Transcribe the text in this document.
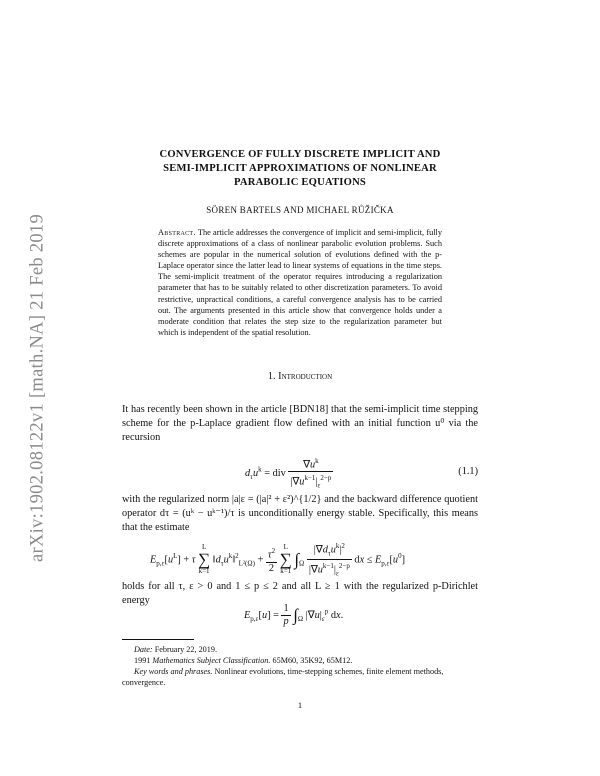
arXiv:1902.08122v1 [math.NA] 21 Feb 2019
CONVERGENCE OF FULLY DISCRETE IMPLICIT AND
SEMI-IMPLICIT APPROXIMATIONS OF NONLINEAR
PARABOLIC EQUATIONS
SÖREN BARTELS AND MICHAEL RŮŽIČKA
Abstract. The article addresses the convergence of implicit and semi-implicit, fully discrete approximations of a class of nonlinear parabolic evolution problems. Such schemes are popular in the numerical solution of evolutions defined with the p-Laplace operator since the latter lead to linear systems of equations in the time steps. The semi-implicit treatment of the operator requires introducing a regularization parameter that has to be suitably related to other discretization parameters. To avoid restrictive, unpractical conditions, a careful convergence analysis has to be carried out. The arguments presented in this article show that convergence holds under a moderate condition that relates the step size to the regularization parameter but which is independent of the spatial resolution.
1. Introduction
It has recently been shown in the article [BDN18] that the semi-implicit time stepping scheme for the p-Laplace gradient flow defined with an initial function u⁰ via the recursion
$d_\tau u^k$ = div $\frac{\nabla u^k}{|\nabla u^{k-1}|_\varepsilon^{2-p}}$	(1.1)
with the regularized norm |a|ε = (|a|² + ε²)^{1/2} and the backward difference quotient operator dτ = (uᵏ − uᵏ⁻¹)/τ is unconditionally energy stable. Specifically, this means that the estimate
$E_{p,\varepsilon}[u^L] + \tau$
L
∑
k=1
$‖d_\tau u^k‖^2_{L^2(\Omega)} + \frac{\tau^2}{2}$
L
∑
k=1
$\int_\Omega \frac{|\nabla d_\tau u^k|^2}{|\nabla u^{k-1}|_\varepsilon^{2-p}}$ dx ≤ $E_{p,\varepsilon}[u^0]$
holds for all τ, ε > 0 and 1 ≤ p ≤ 2 and all L ≥ 1 with the regularized p-Dirichlet energy
$E_{p,\varepsilon}[u] = \frac{1}{p} \int_\Omega$ $|\nabla u|_\varepsilon^p$ dx.
Date: February 22, 2019.
1991 Mathematics Subject Classification. 65M60, 35K92, 65M12.
Key words and phrases. Nonlinear evolutions, time-stepping schemes, finite element methods, convergence.
1
